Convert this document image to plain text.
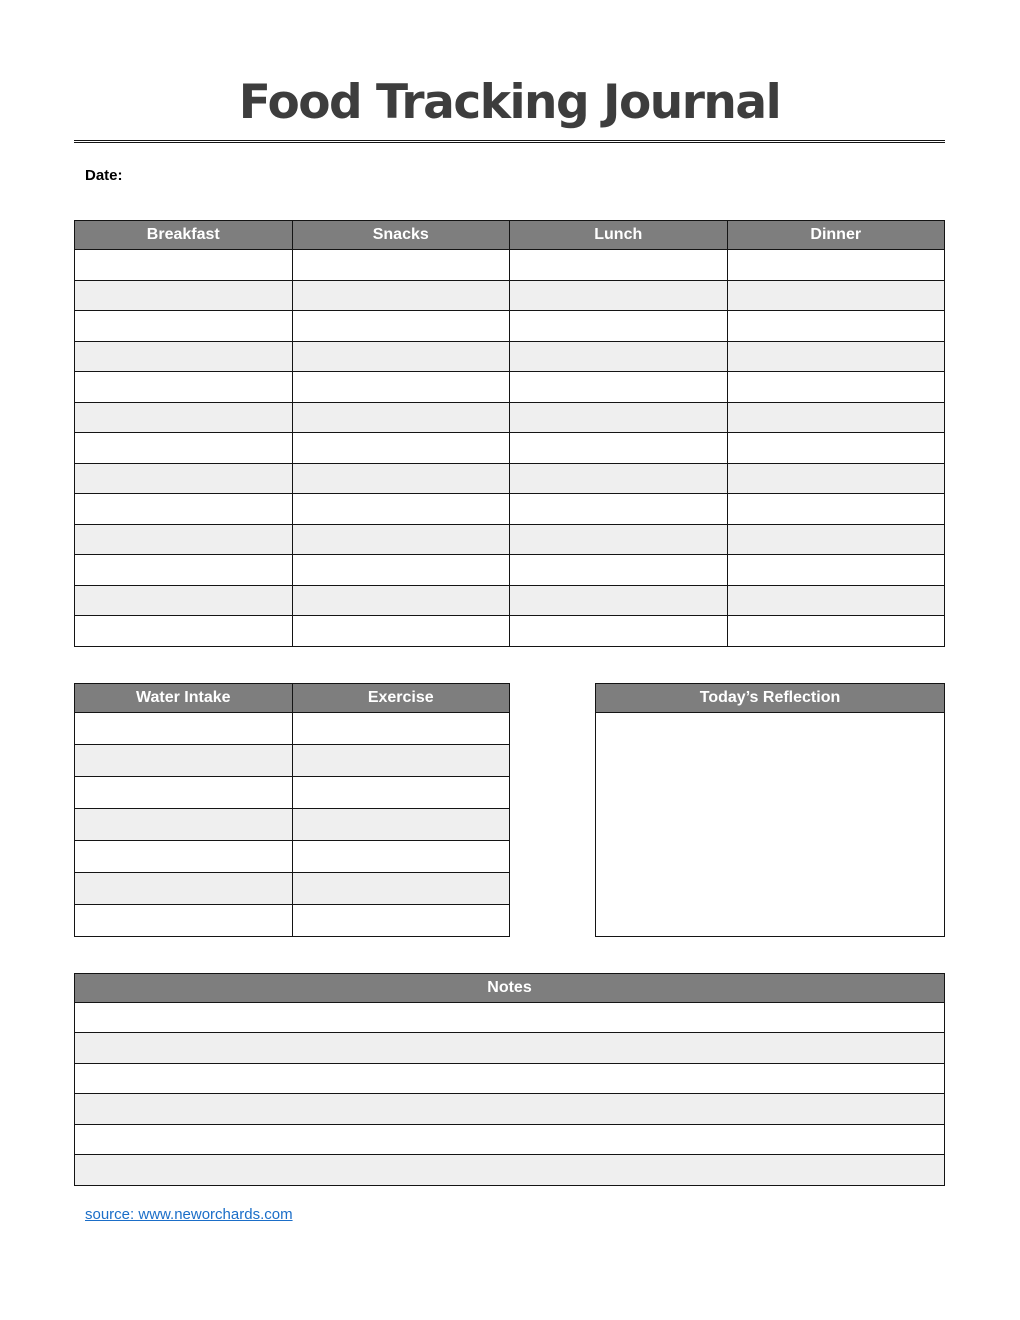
Food Tracking Journal
Date:
Breakfast	Snacks	Lunch	Dinner

Water Intake	Exercise

		Today’s Reflection
Notes

source: www.neworchards.com
